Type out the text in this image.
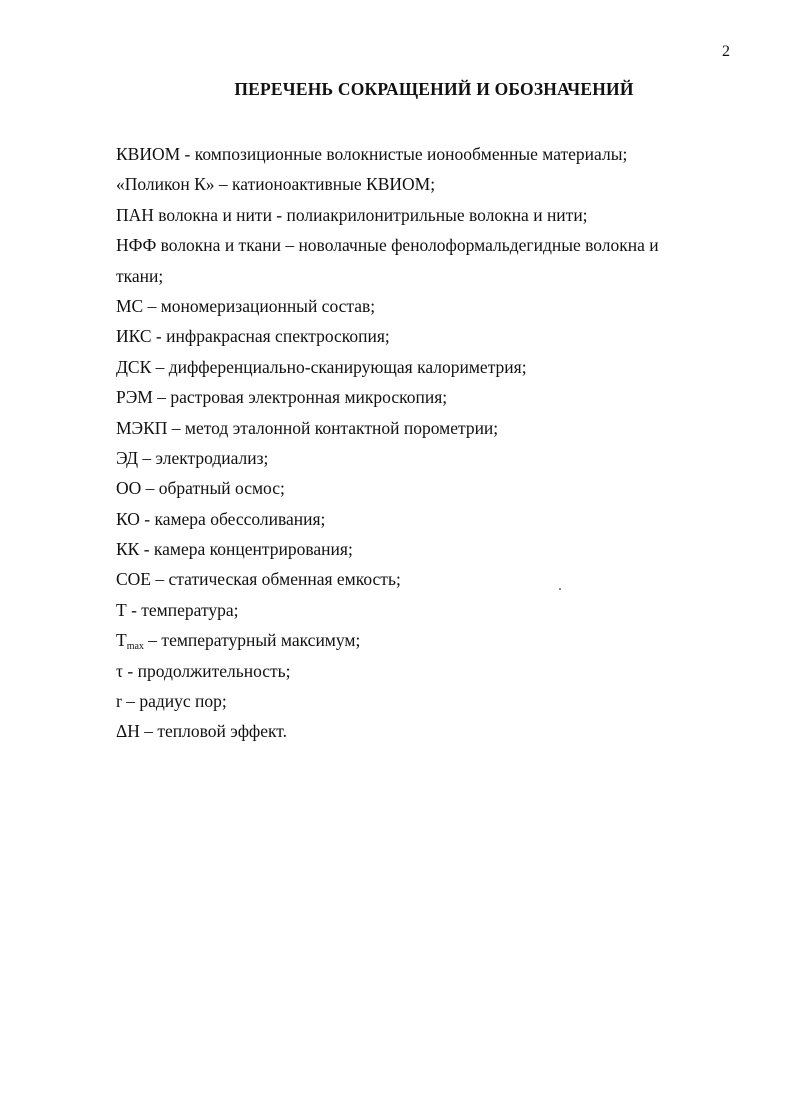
2
ПЕРЕЧЕНЬ СОКРАЩЕНИЙ И ОБОЗНАЧЕНИЙ
КВИОМ - композиционные волокнистые ионообменные материалы;
«Поликон К» – катионоактивные КВИОМ;
ПАН волокна и нити - полиакрилонитрильные волокна и нити;
НФФ волокна и ткани – новолачные фенолоформальдегидные волокна и
ткани;
МС – мономеризационный состав;
ИКС - инфракрасная спектроскопия;
ДСК – дифференциально-сканирующая калориметрия;
РЭМ – растровая электронная микроскопия;
МЭКП – метод эталонной контактной порометрии;
ЭД – электродиализ;
ОО – обратный осмос;
КО - камера обессоливания;
КК - камера концентрирования;
СОЕ – статическая обменная емкость;
Т - температура;
$T_{max}$ – температурный максимум;
τ - продолжительность;
r – радиус пор;
ΔH – тепловой эффект.
